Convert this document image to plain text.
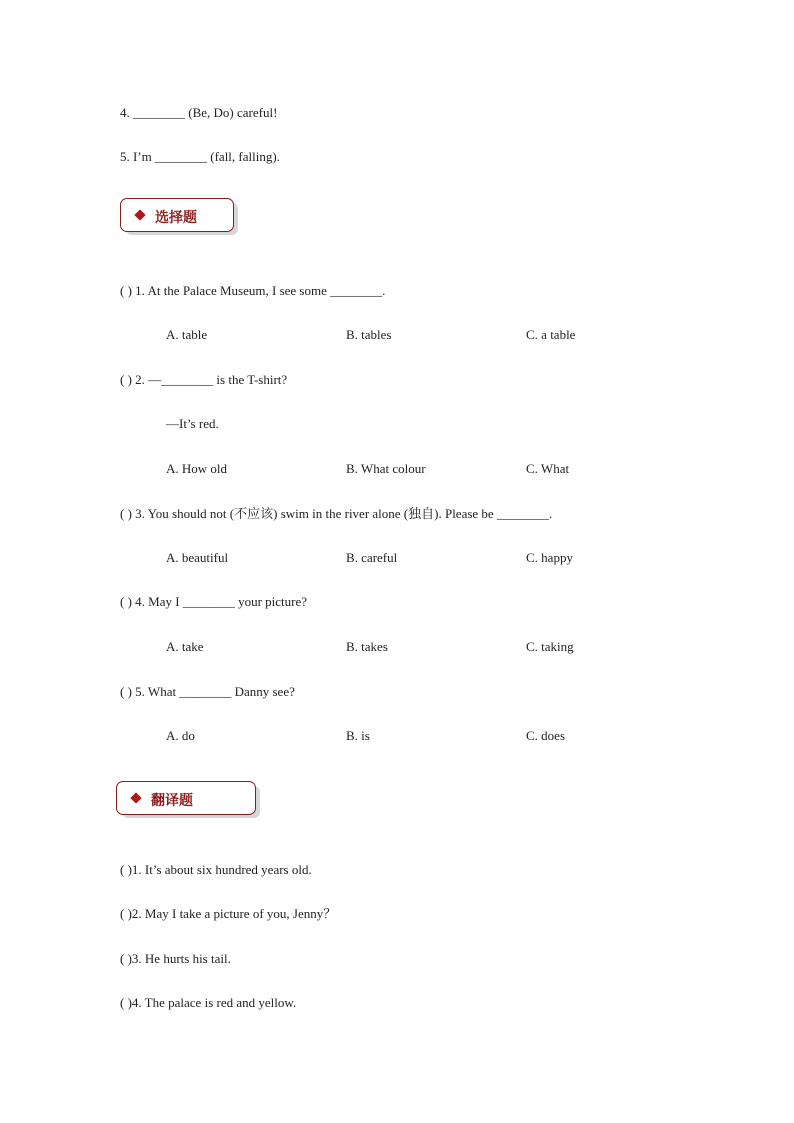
4. ________ (Be, Do) careful!
5. I’m ________ (fall, falling).
选择题
( ) 1. At the Palace Museum, I see some ________.
A. table	B. tables	C. a table
( ) 2. —________ is the T-shirt?
—It’s red.
A. How old	B. What colour	C. What
( ) 3. You should not (不应该) swim in the river alone (独自). Please be ________.
A. beautiful	B. careful	C. happy
( ) 4. May I ________ your picture?
A. take	B. takes	C. taking
( ) 5. What ________ Danny see?
A. do	B. is	C. does
翻译题
( )1. It’s about six hundred years old.
( )2. May I take a picture of you, Jenny？
( )3. He hurts his tail.
( )4. The palace is red and yellow.
